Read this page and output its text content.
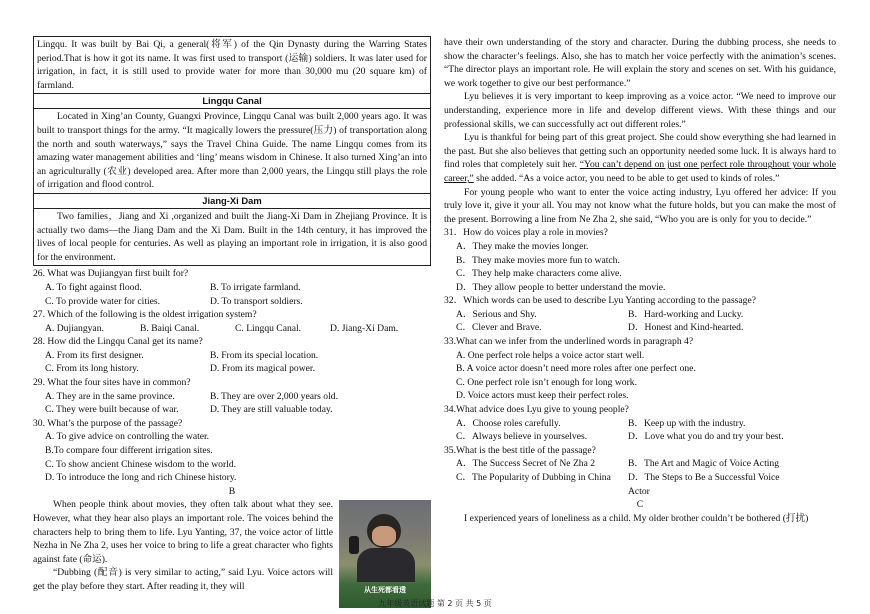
Lingqu. It was built by Bai Qi, a general(将军) of the Qin Dynasty during the Warring States period.That is how it got its name. It was first used to transport (运输) soldiers. It was later used for irrigation, in fact, it is still used to provide water for more than 30,000 mu (20 square km) of farmland.

Lingqu Canal

Located in Xing’an County, Guangxi Province, Lingqu Canal was built 2,000 years ago. It was built to transport things for the army. “It magically lowers the pressure(压力) of transportation along the north and south waterways,” says the Travel China Guide. The name Lingqu comes from its amazing water management abilities and ‘ling’ means wisdom in Chinese. It also turned Xing’an into an agriculturally (农业) developed area. After more than 2,000 years, the Lingqu still plays the role of irrigation and flood control.

Jiang-Xi Dam

Two families，Jiang and Xi ,organized and built the Jiang-Xi Dam in Zhejiang Province. It is actually two dams—the Jiang Dam and the Xi Dam. Built in the 14th century, it has improved the lives of local people for centuries. As well as playing an important role in irrigation, it is also good for the environment.

26. What was Dujiangyan first built for?

A. To fight against flood.	B. To irrigate farmland.
C. To provide water for cities.	D. To transport soldiers.

27. Which of the following is the oldest irrigation system?

A. Dujiangyan.	B. Baiqi Canal.	C. Lingqu Canal.	D. Jiang-Xi Dam.

28. How did the Lingqu Canal get its name?

A. From its first designer.	B. From its special location.
C. From its long history.	D. From its magical power.

29. What the four sites have in common?

A. They are in the same province.	B. They are over 2,000 years old.
C. They were built because of war.	D. They are still valuable today.

30. What’s the purpose of the passage?

A. To give advice on controlling the water.
B.To compare four different irrigation sites.
C. To show ancient Chinese wisdom to the world.
D. To introduce the long and rich Chinese history.
B
从生死都看透

When people think about movies, they often talk about what they see. However, what they hear also plays an important role. The voices behind the characters help to bring them to life. Lyu Yanting, 37, the voice actor of little Nezha in Ne Zha 2, uses her voice to bring to life a great character who fights against fate (命运).

“Dubbing (配音) is very similar to acting,” said Lyu. Voice actors will get the play before they start. After reading it, they will

have their own understanding of the story and character. During the dubbing process, she needs to show the character’s feelings. Also, she has to match her voice perfectly with the animation’s scenes. “The director plays an important role. He will explain the story and scenes on set. With his guidance, we work together to give our best performance.”

Lyu believes it is very important to keep improving as a voice actor. “We need to improve our understanding, experience more in life and develop different views. With these things and our professional skills, we can successfully act out different roles.”

Lyu is thankful for being part of this great project. She could show everything she had learned in the past. But she also believes that getting such an opportunity needed some luck. It is always hard to find roles that completely suit her. “You can’t depend on just one perfect role throughout your whole career,” she added. “As a voice actor, you need to be able to get used to kinds of roles.”

For young people who want to enter the voice acting industry, Lyu offered her advice: If you truly love it, give it your all. You may not know what the future holds, but you can make the most of the present. Borrowing a line from Ne Zha 2, she said, “Who you are is only for you to decide.”

31．How do voices play a role in movies?

A．They make the movies longer.
B．They make movies more fun to watch.
C．They help make characters come alive.
D．They allow people to better understand the movie.

32．Which words can be used to describe Lyu Yanting according to the passage?

A．Serious and Shy.	B．Hard-working and Lucky.
C．Clever and Brave.	D．Honest and Kind-hearted.

33.What can we infer from the underlined words in paragraph 4?

A. One perfect role helps a voice actor start well.
B. A voice actor doesn’t need more roles after one perfect one.
C. One perfect role isn’t enough for long work.
D. Voice actors must keep their perfect roles.

34.What advice does Lyu give to young people?

A．Choose roles carefully.	B．Keep up with the industry.
C．Always believe in yourselves.	D．Love what you do and try your best.

35.What is the best title of the passage?

A．The Success Secret of Ne Zha 2	B．The Art and Magic of Voice Acting
C．The Popularity of Dubbing in China	D．The Steps to Be a Successful Voice Actor
C

I experienced years of loneliness as a child. My older brother couldn’t be bothered (打扰)

九年级英语试题 第 2 页 共 5 页
